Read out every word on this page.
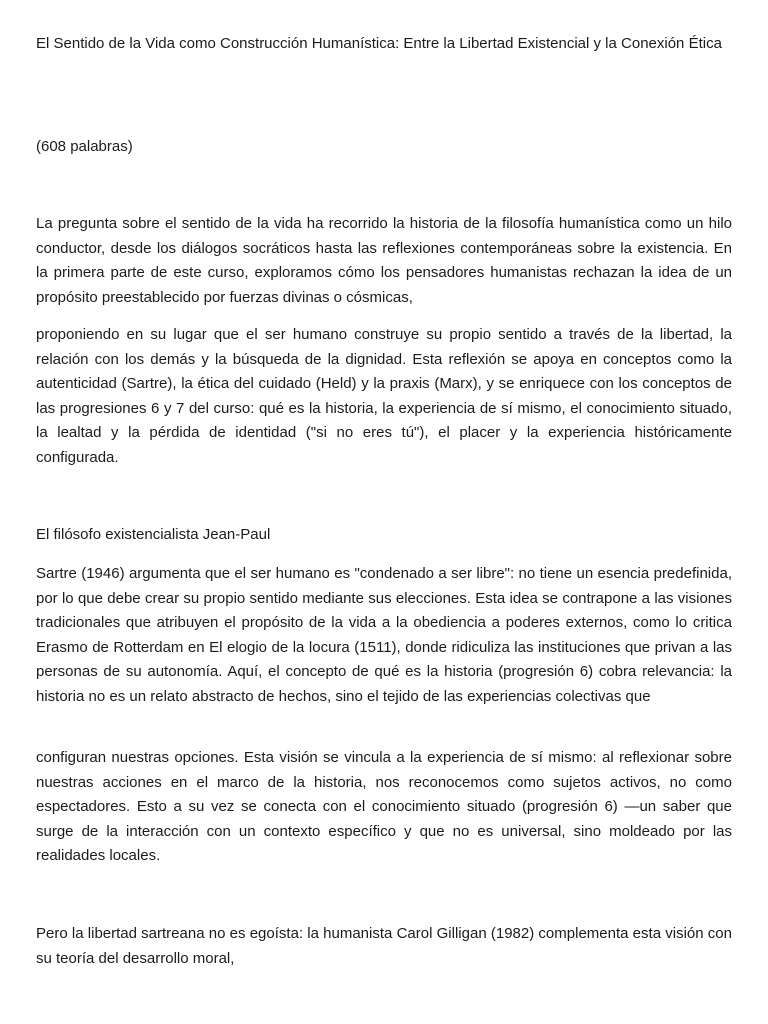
El Sentido de la Vida como Construcción Humanística: Entre la Libertad Existencial y la Conexión Ética

(608 palabras)

La pregunta sobre el sentido de la vida ha recorrido la historia de la filosofía humanística como un hilo conductor, desde los diálogos socráticos hasta las reflexiones contemporáneas sobre la existencia. En la primera parte de este curso, exploramos cómo los pensadores humanistas rechazan la idea de un propósito preestablecido por fuerzas divinas o cósmicas,

proponiendo en su lugar que el ser humano construye su propio sentido a través de la libertad, la relación con los demás y la búsqueda de la dignidad. Esta reflexión se apoya en conceptos como la autenticidad (Sartre), la ética del cuidado (Held) y la praxis (Marx), y se enriquece con los conceptos de las progresiones 6 y 7 del curso: qué es la historia, la experiencia de sí mismo, el conocimiento situado, la lealtad y la pérdida de identidad ("si no eres tú"), el placer y la experiencia históricamente configurada.

El filósofo existencialista Jean-Paul

Sartre (1946) argumenta que el ser humano es "condenado a ser libre": no tiene un esencia predefinida, por lo que debe crear su propio sentido mediante sus elecciones. Esta idea se contrapone a las visiones tradicionales que atribuyen el propósito de la vida a la obediencia a poderes externos, como lo critica Erasmo de Rotterdam en El elogio de la locura (1511), donde ridiculiza las instituciones que privan a las personas de su autonomía. Aquí, el concepto de qué es la historia (progresión 6) cobra relevancia: la historia no es un relato abstracto de hechos, sino el tejido de las experiencias colectivas que

configuran nuestras opciones. Esta visión se vincula a la experiencia de sí mismo: al reflexionar sobre nuestras acciones en el marco de la historia, nos reconocemos como sujetos activos, no como espectadores. Esto a su vez se conecta con el conocimiento situado (progresión 6) —un saber que surge de la interacción con un contexto específico y que no es universal, sino moldeado por las realidades locales.

Pero la libertad sartreana no es egoísta: la humanista Carol Gilligan (1982) complementa esta visión con su teoría del desarrollo moral,
